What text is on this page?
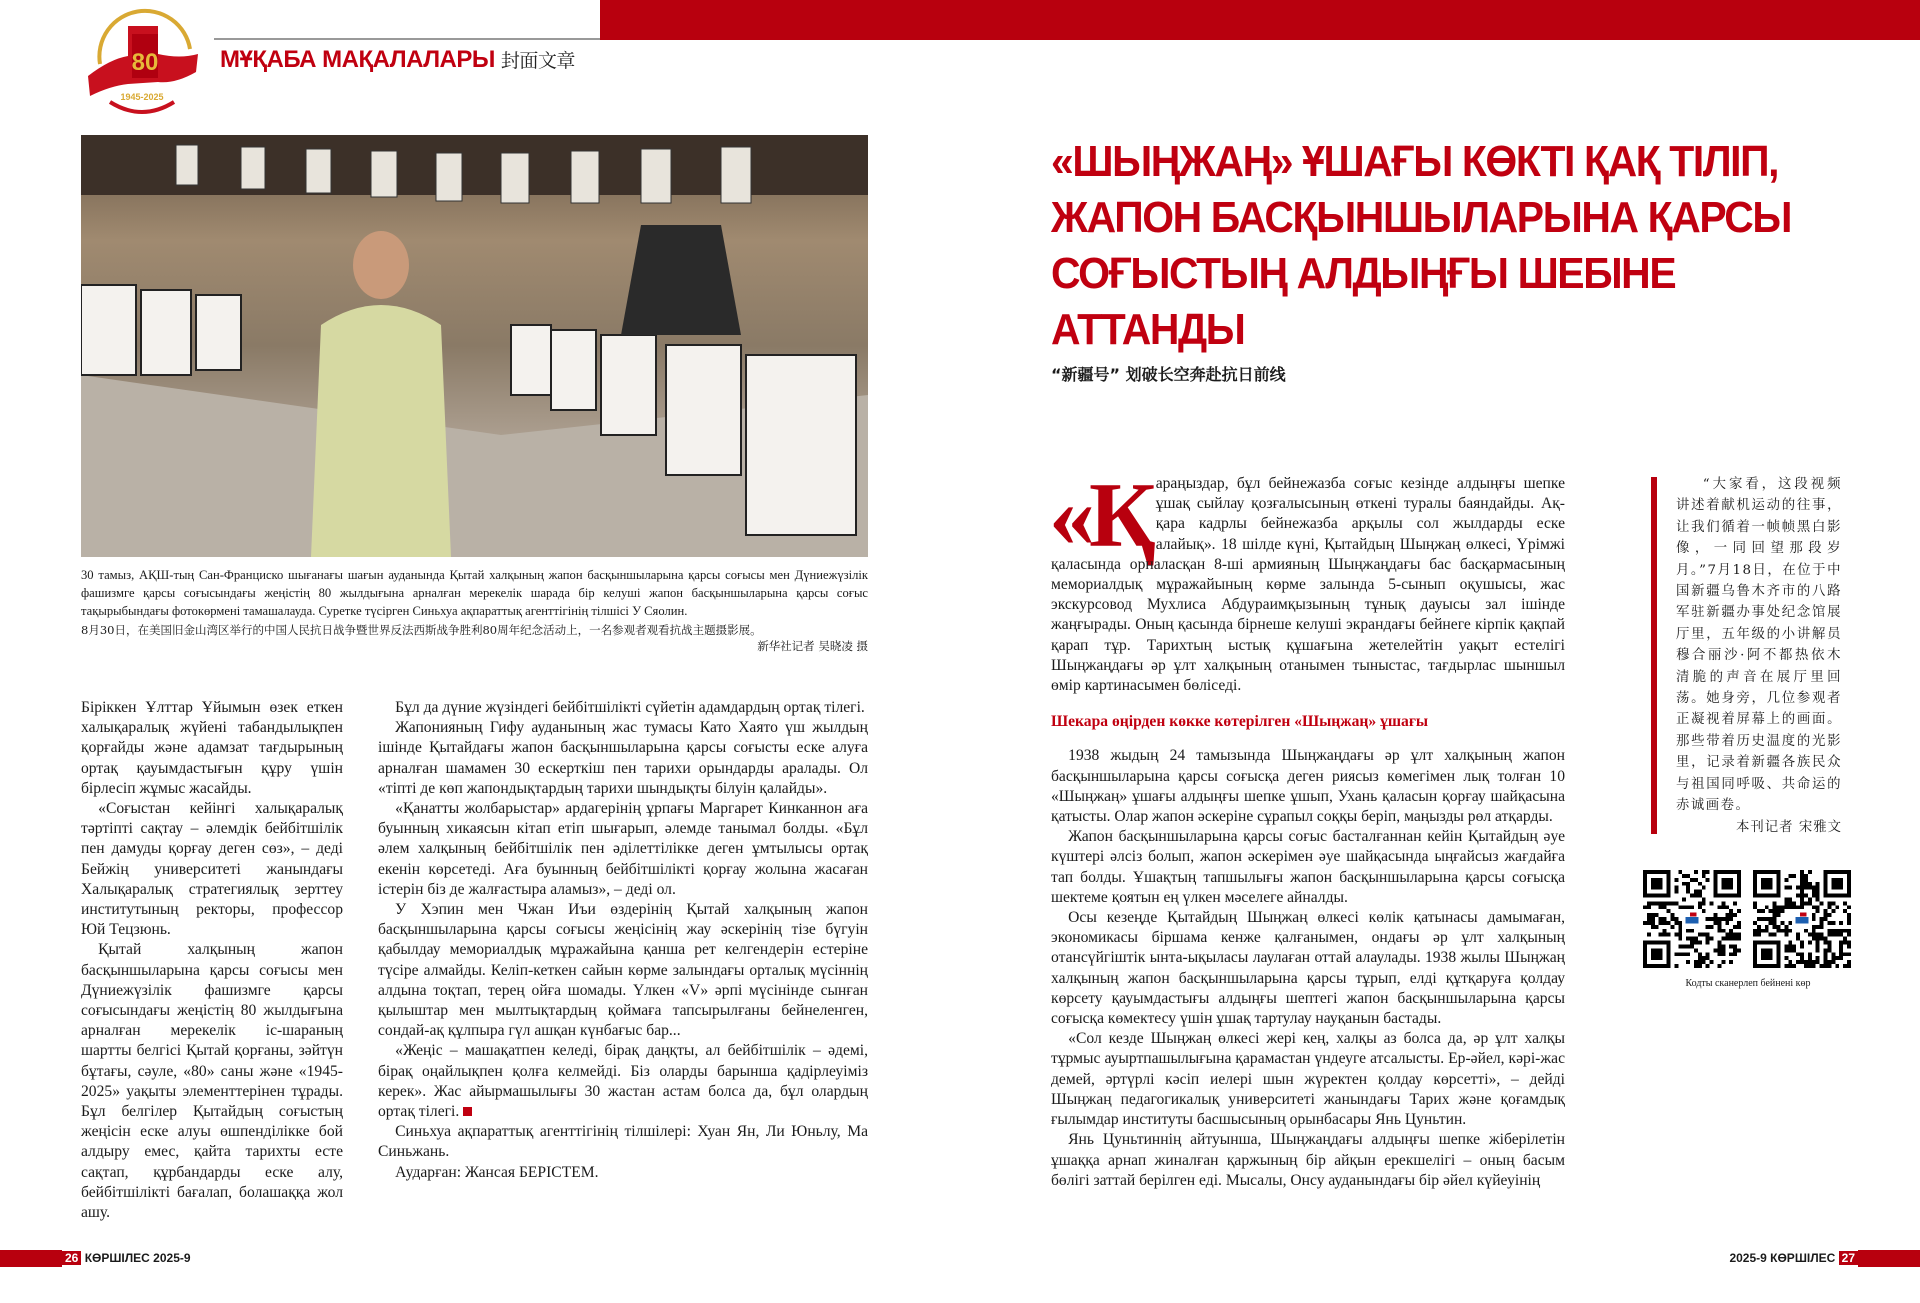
80
1945-2025
МҰҚАБА МАҚАЛАЛАРЫ 封面文章
30 тамыз, АҚШ-тың Сан-Франциско шығанағы шағын ауданында Қытай халқының жапон басқыншыларына қарсы соғысы мен Дүниежүзілік фашизмге қарсы соғысындағы жеңістің 80 жылдығына арналған мерекелік шарада бір келуші жапон басқыншыларына қарсы соғыс тақырыбындағы фотокөрмені тамашалауда. Суретке түсірген Синьхуа ақпараттық агенттігінің тілшісі У Сяолин.
8月30日，在美国旧金山湾区举行的中国人民抗日战争暨世界反法西斯战争胜利80周年纪念活动上，一名参观者观看抗战主题摄影展。
新华社记者 吴晓凌 摄

Біріккен Ұлттар Ұйымын өзек еткен халықаралық жүйені табандылықпен қорғайды және адамзат тағдырының ортақ қауымдастығын құру үшін бірлесіп жұмыс жасайды.

«Соғыстан кейінгі халықаралық тәртіпті сақтау – әлемдік бейбітшілік пен дамуды қорғау деген сөз», – деді Бейжің университеті жанындағы Халықаралық стратегиялық зерттеу институтының ректоры, профессор Юй Тецзюнь.

Қытай халқының жапон басқыншыларына қарсы соғысы мен Дүниежүзілік фашизмге қарсы соғысындағы жеңістің 80 жылдығына арналған мерекелік іс-шараның шартты белгісі Қытай қорғаны, зәйтүн бұтағы, сәуле, «80» саны және «1945-2025» уақыты элементтерінен тұрады. Бұл белгілер Қытайдың соғыстың жеңісін еске алуы өшпенділікке бой алдыру емес, қайта тарихты есте сақтап, құрбандарды еске алу, бейбітшілікті бағалап, болашаққа жол ашу.

Бұл да дүние жүзіндегі бейбітшілікті сүйетін адамдардың ортақ тілегі.

Жапонияның Гифу ауданының жас тумасы Като Хаято үш жылдың ішінде Қытайдағы жапон басқыншыларына қарсы соғысты еске алуға арналған шамамен 30 ескерткіш пен тарихи орындарды аралады. Ол «тіпті де көп жапондықтардың тарихи шындықты білуін қалайды».

«Қанатты жолбарыстар» ардагерінің ұрпағы Маргарет Кинканнон аға буынның хикаясын кітап етіп шығарып, әлемде танымал болды. «Бұл әлем халқының бейбітшілік пен әділеттілікке деген ұмтылысы ортақ екенін көрсетеді. Аға буынның бейбітшілікті қорғау жолына жасаған істерін біз де жалғастыра аламыз», – деді ол.

У Хэпин мен Чжан Иъи өздерінің Қытай халқының жапон басқыншыларына қарсы соғысы жеңісінің жау әскерінің тізе бүгуін қабылдау мемориалдық мұражайына қанша рет келгендерін естеріне түсіре алмайды. Келіп-кеткен сайын көрме залындағы орталық мүсіннің алдына тоқтап, терең ойға шомады. Үлкен «V» әрпі мүсінінде сынған қылыштар мен мылтықтардың қоймаға тапсырылғаны бейнеленген, сондай-ақ құлпыра гүл ашқан күнбағыс бар...

«Жеңіс – машақатпен келеді, бірақ даңқты, ал бейбітшілік – әдемі, бірақ оңайлықпен қолға келмейді. Біз оларды барынша қадірлеуіміз керек». Жас айырмашылығы 30 жастан астам болса да, бұл олардың ортақ тілегі.

Синьхуа ақпараттық агенттігінің тілшілері: Хуан Ян, Ли Юньлу, Ма Синьжань.

Аударған: Жансая БЕРІСТЕМ.

«ШЫҢЖАҢ» ҰШАҒЫ КӨКТІ ҚАҚ ТІЛІП, ЖАПОН БАСҚЫНШЫЛАРЫНА ҚАРСЫ СОҒЫСТЫҢ АЛДЫҢҒЫ ШЕБІНЕ АТТАНДЫ
“新疆号” 划破长空奔赴抗日前线

«Қараңыздар, бұл бейнежазба соғыс кезінде алдыңғы шепке ұшақ сыйлау қозғалысының өткені туралы баяндайды. Ақ-қара кадрлы бейнежазба арқылы сол жылдарды еске алайық». 18 шілде күні, Қытайдың Шыңжаң өлкесі, Үрімжі қаласында орналасқан 8-ші армияның Шыңжаңдағы бас басқармасының мемориалдық мұражайының көрме залында 5-сынып оқушысы, жас экскурсовод Мухлиса Абдураимқызының тұнық дауысы зал ішінде жаңғырады. Оның қасында бірнеше келуші экрандағы бейнеге кірпік қақпай қарап тұр. Тарихтың ыстық құшағына жетелейтін уақыт естелігі Шыңжаңдағы әр ұлт халқының отанымен тыныстас, тағдырлас шыншыл өмір картинасымен бөліседі.

Шекара өңірден көкке көтерілген «Шыңжаң» ұшағы

1938 жыдың 24 тамызында Шыңжаңдағы әр ұлт халқының жапон басқыншыларына қарсы соғысқа деген риясыз көмегімен лық толған 10 «Шыңжаң» ұшағы алдыңғы шепке ұшып, Ухань қаласын қорғау шайқасына қатысты. Олар жапон әскеріне сұрапыл соққы беріп, маңызды рөл атқарды.

Жапон басқыншыларына қарсы соғыс басталғаннан кейін Қытайдың әуе күштері әлсіз болып, жапон әскерімен әуе шайқасында ыңғайсыз жағдайға тап болды. Ұшақтың тапшылығы жапон басқыншыларына қарсы соғысқа шектеме қоятын ең үлкен мәселеге айналды.

Осы кезеңде Қытайдың Шыңжаң өлкесі көлік қатынасы дамымаған, экономикасы біршама кенже қалғанымен, ондағы әр ұлт халқының отансүйгіштік ынта-ықыласы лаулаған оттай алаулады. 1938 жылы Шыңжаң халқының жапон басқыншыларына қарсы тұрып, елді құтқаруға қолдау көрсету қауымдастығы алдыңғы шептегі жапон басқыншыларына қарсы соғысқа көмектесу үшін ұшақ тартулау науқанын бастады.

«Сол кезде Шыңжаң өлкесі жері кең, халқы аз болса да, әр ұлт халқы тұрмыс ауыртпашылығына қарамастан үндеуге атсалысты. Ер-әйел, кәрі-жас демей, әртүрлі кәсіп иелері шын жүректен қолдау көрсетті», – дейді Шыңжаң педагогикалық университеті жанындағы Тарих және қоғамдық ғылымдар институты басшысының орынбасары Янь Цуньтин.

Янь Цуньтиннің айтуынша, Шыңжаңдағы алдыңғы шепке жіберілетін ұшаққа арнап жиналған қаржының бір айқын ерекшелігі – оның басым бөлігі заттай берілген еді. Мысалы, Онсу ауданындағы бір әйел күйеуінің

“大家看，这段视频讲述着献机运动的往事，让我们循着一帧帧黑白影像，一同回望那段岁月。”7月18日，在位于中国新疆乌鲁木齐市的八路军驻新疆办事处纪念馆展厅里，五年级的小讲解员穆合丽沙·阿不都热依木清脆的声音在展厅里回荡。她身旁，几位参观者正凝视着屏幕上的画面。那些带着历史温度的光影里，记录着新疆各族民众与祖国同呼吸、共命运的赤诚画卷。

本刊记者 宋雅文

Кодты сканерлеп бейнені көр
26 КӨРШІЛЕС 2025-9	2025-9 КӨРШІЛЕС 27
